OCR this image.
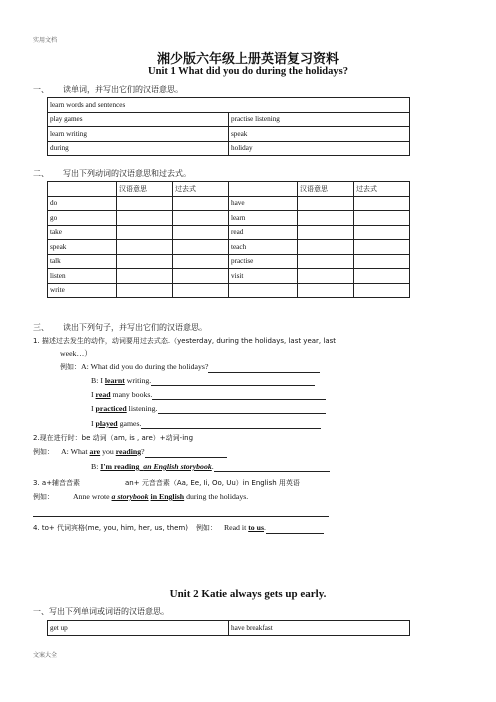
实用文档
湘少版六年级上册英语复习资料
Unit 1 What did you do during the holidays?
一、 读单词，并写出它们的汉语意思。
learn words and sentences	
play games	practise listening
learn writing	speak
during	holiday
二、 写出下列动词的汉语意思和过去式。
	汉语意思	过去式		汉语意思	过去式
do			have		
go			learn		
take			read		
speak			teach		
talk			practise		
listen			visit		
write					
三、 读出下列句子，并写出它们的汉语意思。
1. 描述过去发生的动作，动词要用过去式态.（yesterday, during the holidays, last year, last
week…）
例如：A: What did you do during the holidays?
B: I learnt writing.
I read many books.
I practiced listening.
I played games.
2.现在进行时：be 动词（am, is , are）+动词-ing
例如： A: What are you reading?
B: I'm reading an English storybook.
3. a+辅音音素	an+ 元音音素（Aa, Ee, Ii, Oo, Uu）in English 用英语
例如： Anne wrote a storybook in English during the holidays.
4. to+ 代词宾格(me, you, him, her, us, them) 例如： Read it to us.
Unit 2 Katie always gets up early.
一、写出下列单词或词语的汉语意思。
get up	have breakfast
文案大全
